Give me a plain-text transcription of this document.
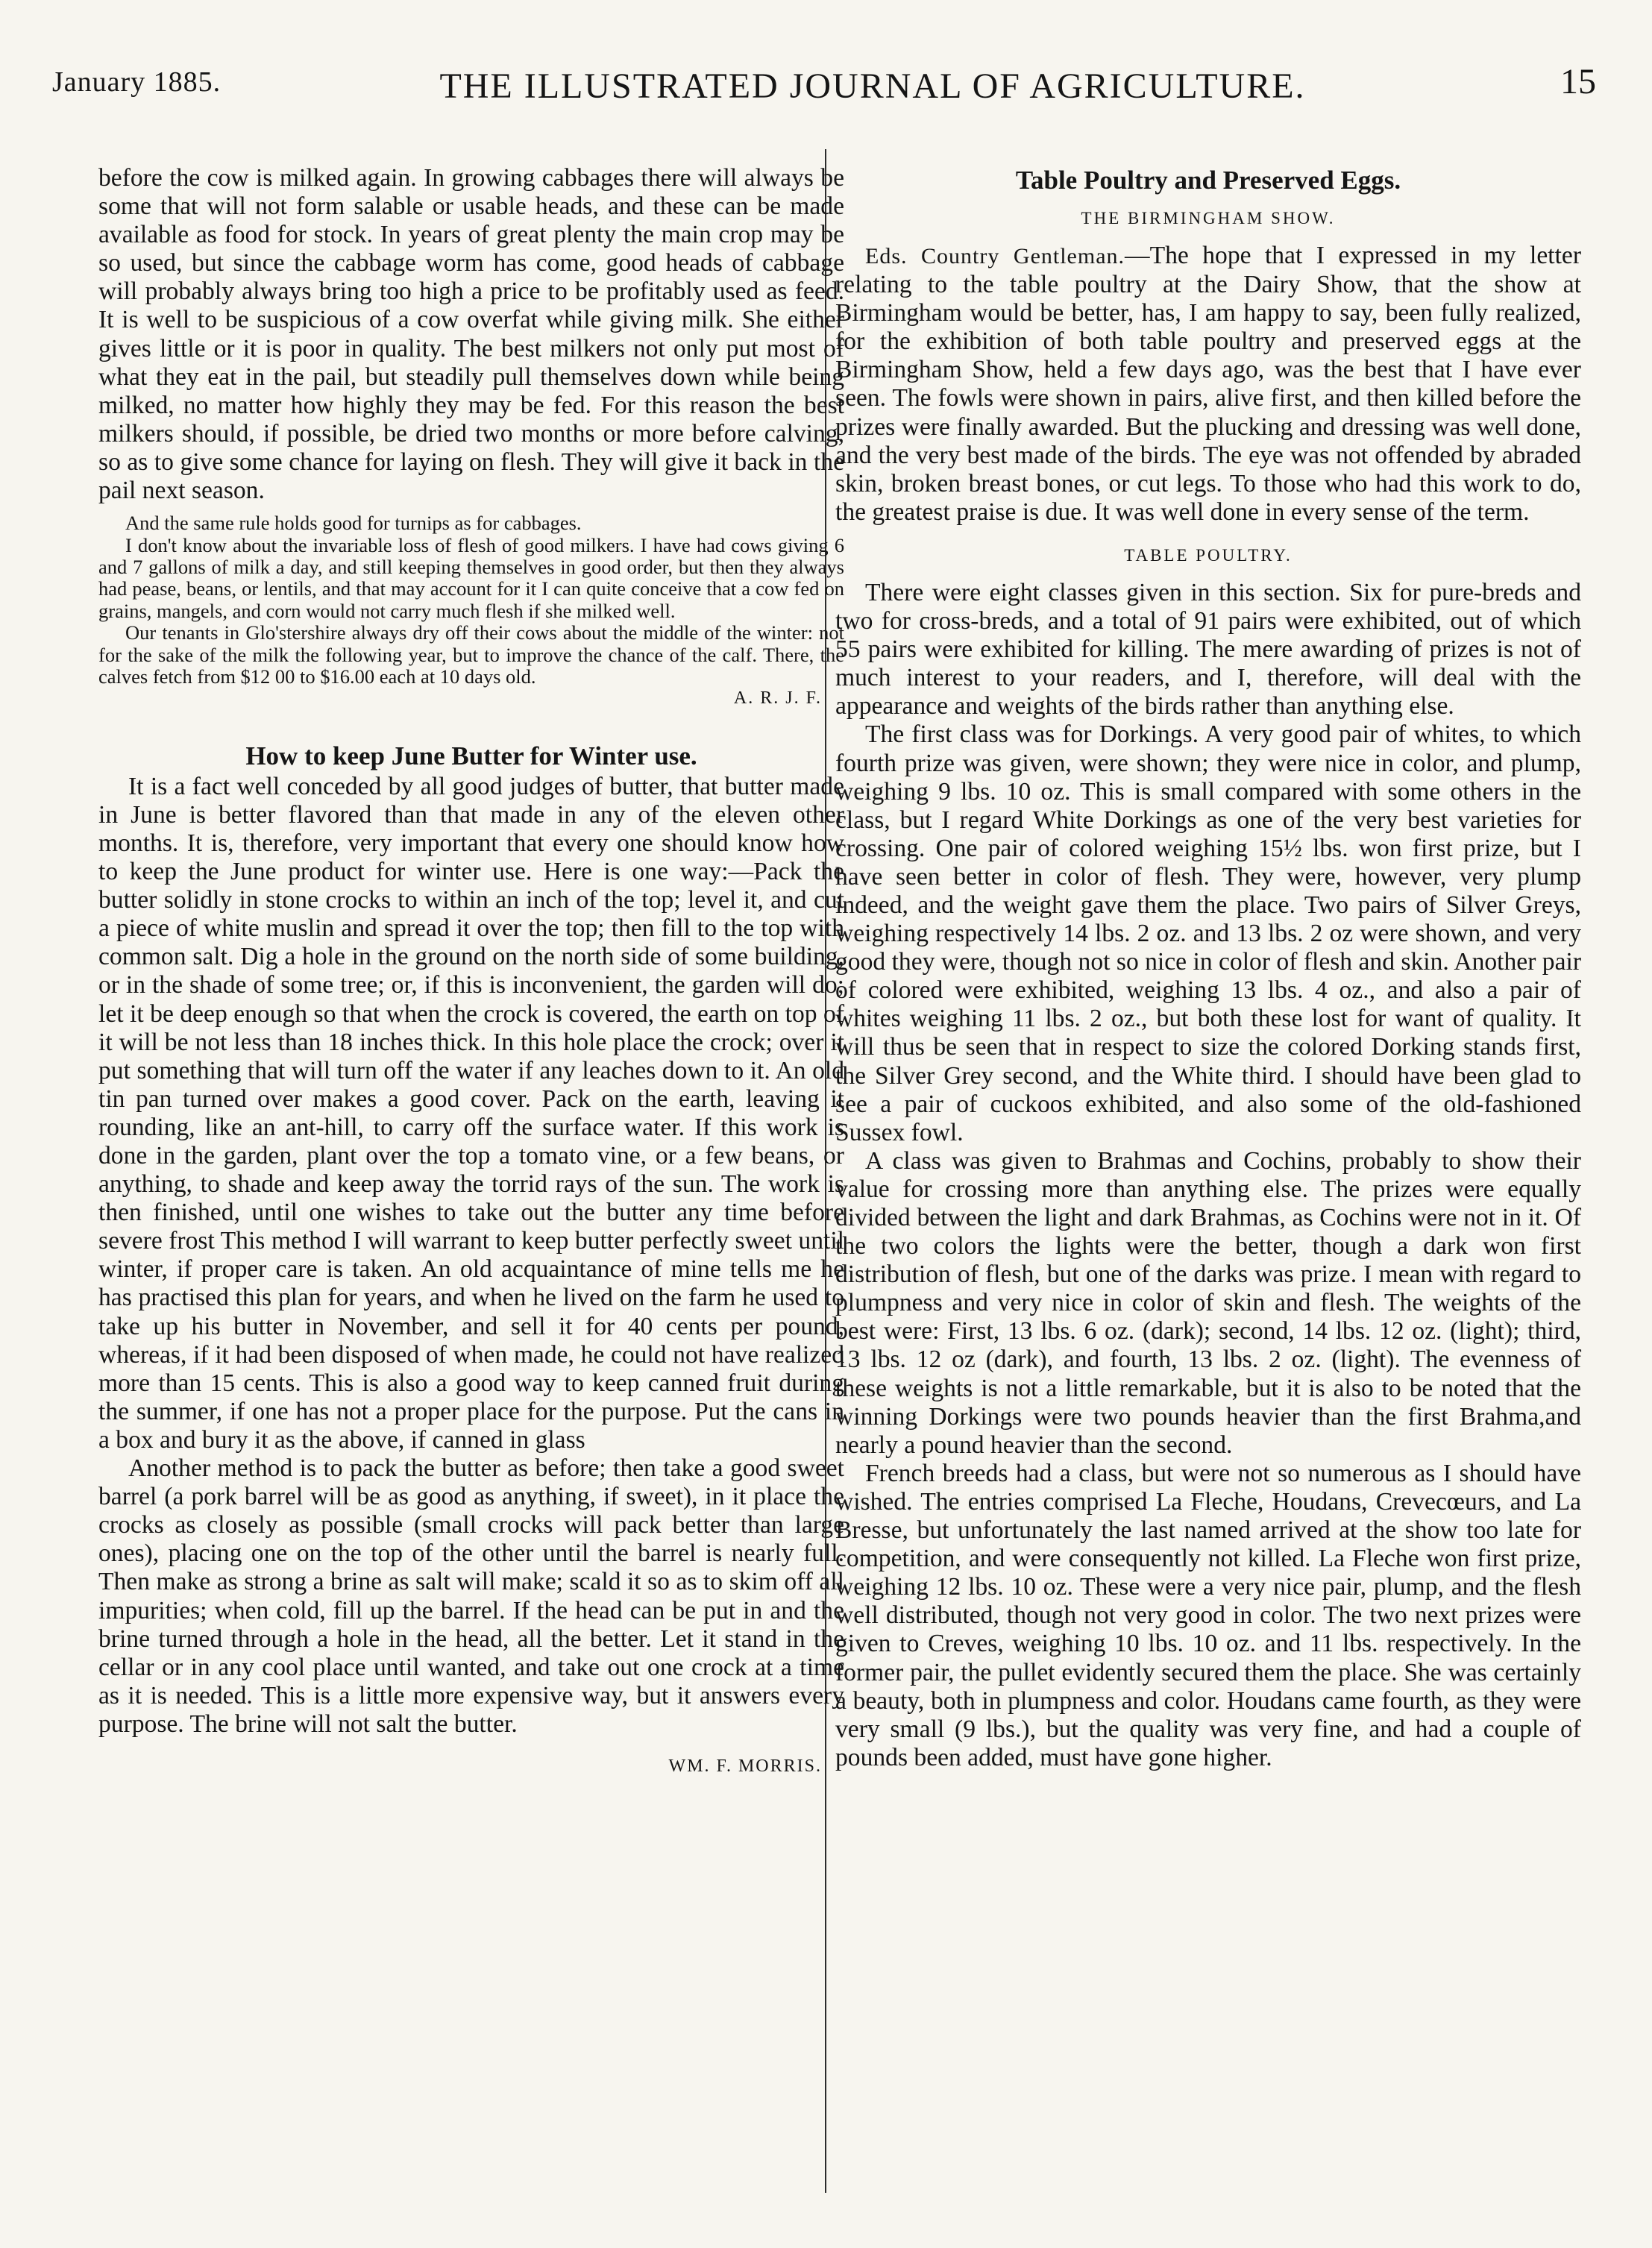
January 1885.	THE ILLUSTRATED JOURNAL OF AGRICULTURE.	15

before the cow is milked again. In growing cabbages there will always be some that will not form salable or usable heads, and these can be made available as food for stock. In years of great plenty the main crop may be so used, but since the cabbage worm has come, good heads of cabbage will probably always bring too high a price to be profitably used as feed. It is well to be suspicious of a cow overfat while giving milk. She either gives little or it is poor in quality. The best milkers not only put most of what they eat in the pail, but steadily pull themselves down while being milked, no matter how highly they may be fed. For this reason the best milkers should, if possible, be dried two months or more before calving, so as to give some chance for laying on flesh. They will give it back in the pail next season.

And the same rule holds good for turnips as for cabbages.

I don't know about the invariable loss of flesh of good milkers. I have had cows giving 6 and 7 gallons of milk a day, and still keeping themselves in good order, but then they always had pease, beans, or lentils, and that may account for it I can quite conceive that a cow fed on grains, mangels, and corn would not carry much flesh if she milked well.

Our tenants in Glo'stershire always dry off their cows about the middle of the winter: not for the sake of the milk the following year, but to improve the chance of the calf. There, the calves fetch from $12 00 to $16.00 each at 10 days old.

A. R. J. F.
How to keep June Butter for Winter use.

It is a fact well conceded by all good judges of butter, that butter made in June is better flavored than that made in any of the eleven other months. It is, therefore, very important that every one should know how to keep the June product for winter use. Here is one way:—Pack the butter solidly in stone crocks to within an inch of the top; level it, and cut a piece of white muslin and spread it over the top; then fill to the top with common salt. Dig a hole in the ground on the north side of some building, or in the shade of some tree; or, if this is inconvenient, the garden will do; let it be deep enough so that when the crock is covered, the earth on top of it will be not less than 18 inches thick. In this hole place the crock; over it put something that will turn off the water if any leaches down to it. An old tin pan turned over makes a good cover. Pack on the earth, leaving it rounding, like an ant-hill, to carry off the surface water. If this work is done in the garden, plant over the top a tomato vine, or a few beans, or anything, to shade and keep away the torrid rays of the sun. The work is then finished, until one wishes to take out the butter any time before severe frost This method I will warrant to keep butter perfectly sweet until winter, if proper care is taken. An old acquaintance of mine tells me he has practised this plan for years, and when he lived on the farm he used to take up his butter in November, and sell it for 40 cents per pound, whereas, if it had been disposed of when made, he could not have realized more than 15 cents. This is also a good way to keep canned fruit during the summer, if one has not a proper place for the purpose. Put the cans in a box and bury it as the above, if canned in glass

Another method is to pack the butter as before; then take a good sweet barrel (a pork barrel will be as good as anything, if sweet), in it place the crocks as closely as possible (small crocks will pack better than large ones), placing one on the top of the other until the barrel is nearly full. Then make as strong a brine as salt will make; scald it so as to skim off all impurities; when cold, fill up the barrel. If the head can be put in and the brine turned through a hole in the head, all the better. Let it stand in the cellar or in any cool place until wanted, and take out one crock at a time as it is needed. This is a little more expensive way, but it answers every purpose. The brine will not salt the butter.

WM. F. MORRIS.
Table Poultry and Preserved Eggs.
THE BIRMINGHAM SHOW.

Eds. Country Gentleman.—The hope that I expressed in my letter relating to the table poultry at the Dairy Show, that the show at Birmingham would be better, has, I am happy to say, been fully realized, for the exhibition of both table poultry and preserved eggs at the Birmingham Show, held a few days ago, was the best that I have ever seen. The fowls were shown in pairs, alive first, and then killed before the prizes were finally awarded. But the plucking and dressing was well done, and the very best made of the birds. The eye was not offended by abraded skin, broken breast bones, or cut legs. To those who had this work to do, the greatest praise is due. It was well done in every sense of the term.

TABLE POULTRY.

There were eight classes given in this section. Six for pure-breds and two for cross-breds, and a total of 91 pairs were exhibited, out of which 55 pairs were exhibited for killing. The mere awarding of prizes is not of much interest to your readers, and I, therefore, will deal with the appearance and weights of the birds rather than anything else.

The first class was for Dorkings. A very good pair of whites, to which fourth prize was given, were shown; they were nice in color, and plump, weighing 9 lbs. 10 oz. This is small compared with some others in the class, but I regard White Dorkings as one of the very best varieties for crossing. One pair of colored weighing 15½ lbs. won first prize, but I have seen better in color of flesh. They were, however, very plump indeed, and the weight gave them the place. Two pairs of Silver Greys, weighing respectively 14 lbs. 2 oz. and 13 lbs. 2 oz were shown, and very good they were, though not so nice in color of flesh and skin. Another pair of colored were exhibited, weighing 13 lbs. 4 oz., and also a pair of whites weighing 11 lbs. 2 oz., but both these lost for want of quality. It will thus be seen that in respect to size the colored Dorking stands first, the Silver Grey second, and the White third. I should have been glad to see a pair of cuckoos exhibited, and also some of the old-fashioned Sussex fowl.

A class was given to Brahmas and Cochins, probably to show their value for crossing more than anything else. The prizes were equally divided between the light and dark Brahmas, as Cochins were not in it. Of the two colors the lights were the better, though a dark won first distribution of flesh, but one of the darks was prize. I mean with regard to plumpness and very nice in color of skin and flesh. The weights of the best were: First, 13 lbs. 6 oz. (dark); second, 14 lbs. 12 oz. (light); third, 13 lbs. 12 oz (dark), and fourth, 13 lbs. 2 oz. (light). The evenness of these weights is not a little remarkable, but it is also to be noted that the winning Dorkings were two pounds heavier than the first Brahma,and nearly a pound heavier than the second.

French breeds had a class, but were not so numerous as I should have wished. The entries comprised La Fleche, Houdans, Crevecœurs, and La Bresse, but unfortunately the last named arrived at the show too late for competition, and were consequently not killed. La Fleche won first prize, weighing 12 lbs. 10 oz. These were a very nice pair, plump, and the flesh well distributed, though not very good in color. The two next prizes were given to Creves, weighing 10 lbs. 10 oz. and 11 lbs. respectively. In the former pair, the pullet evidently secured them the place. She was certainly a beauty, both in plumpness and color. Houdans came fourth, as they were very small (9 lbs.), but the quality was very fine, and had a couple of pounds been added, must have gone higher.
